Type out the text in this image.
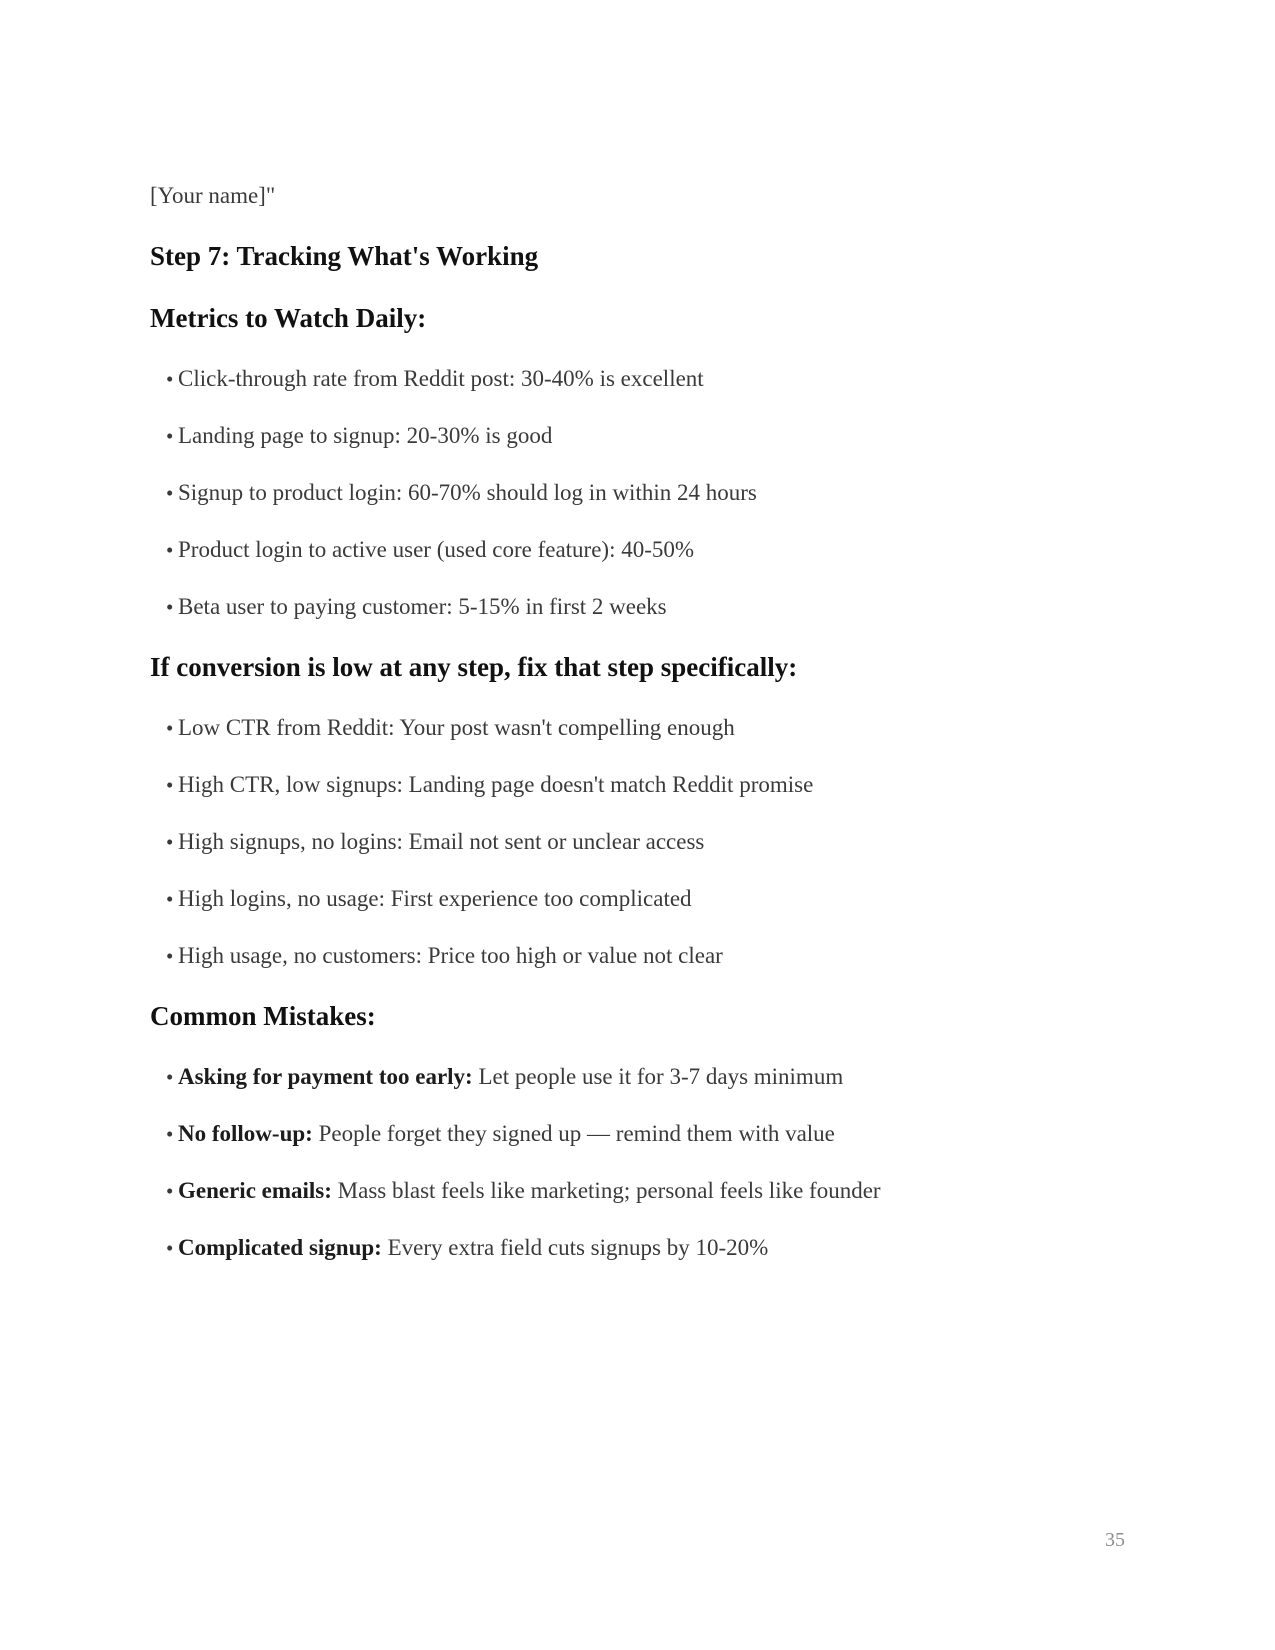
[Your name]"

Step 7: Tracking What's Working
Metrics to Watch Daily:
• Click-through rate from Reddit post: 30-40% is excellent
• Landing page to signup: 20-30% is good
• Signup to product login: 60-70% should log in within 24 hours
• Product login to active user (used core feature): 40-50%
• Beta user to paying customer: 5-15% in first 2 weeks
If conversion is low at any step, fix that step specifically:
• Low CTR from Reddit: Your post wasn't compelling enough
• High CTR, low signups: Landing page doesn't match Reddit promise
• High signups, no logins: Email not sent or unclear access
• High logins, no usage: First experience too complicated
• High usage, no customers: Price too high or value not clear
Common Mistakes:
• Asking for payment too early: Let people use it for 3-7 days minimum
• No follow-up: People forget they signed up — remind them with value
• Generic emails: Mass blast feels like marketing; personal feels like founder
• Complicated signup: Every extra field cuts signups by 10-20%
35
